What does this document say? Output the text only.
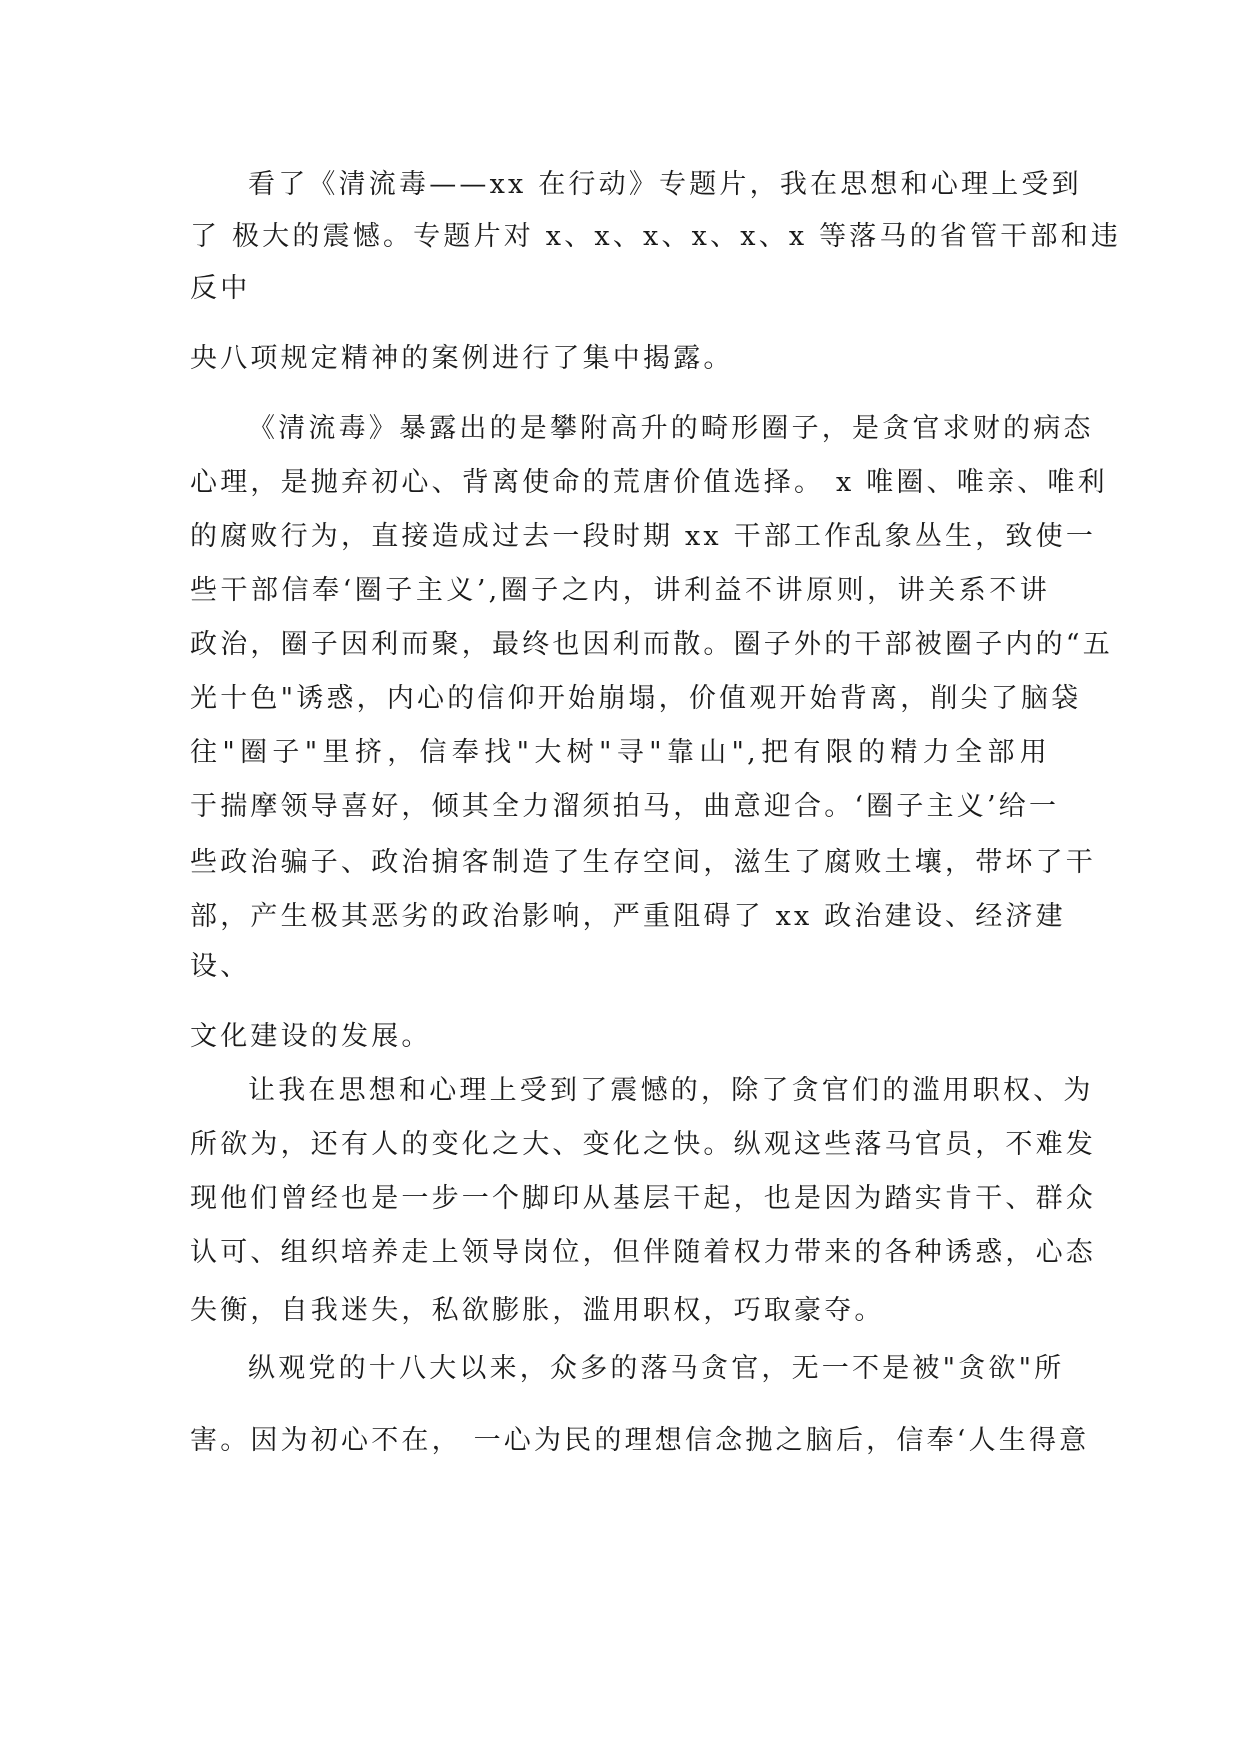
看了《清流毒——xx 在行动》专题片，我在思想和心理上受到
了 极大的震憾。专题片对 x、x、x、x、x、x 等落马的省管干部和违
反中
央八项规定精神的案例进行了集中揭露。
《清流毒》暴露出的是攀附高升的畸形圈子，是贪官求财的病态
心理，是抛弃初心、背离使命的荒唐价值选择。 x 唯圈、唯亲、唯利
的腐败行为，直接造成过去一段时期 xx 干部工作乱象丛生，致使一
些干部信奉‘圈子主义’,圈子之内，讲利益不讲原则，讲关系不讲
政治，圈子因利而聚，最终也因利而散。圈子外的干部被圈子内的“五
光十色"诱惑，内心的信仰开始崩塌，价值观开始背离，削尖了脑袋
往"圈子"里挤，信奉找"大树"寻"靠山",把有限的精力全部用
于揣摩领导喜好，倾其全力溜须拍马，曲意迎合。‘圈子主义’给一
些政治骗子、政治掮客制造了生存空间，滋生了腐败土壤，带坏了干
部，产生极其恶劣的政治影响，严重阻碍了 xx 政治建设、经济建
设、
文化建设的发展。
让我在思想和心理上受到了震憾的，除了贪官们的滥用职权、为
所欲为，还有人的变化之大、变化之快。纵观这些落马官员，不难发
现他们曾经也是一步一个脚印从基层干起，也是因为踏实肯干、群众
认可、组织培养走上领导岗位，但伴随着权力带来的各种诱惑，心态
失衡，自我迷失，私欲膨胀，滥用职权，巧取豪夺。
纵观党的十八大以来，众多的落马贪官，无一不是被"贪欲"所
害。因为初心不在， 一心为民的理想信念抛之脑后，信奉‘人生得意
